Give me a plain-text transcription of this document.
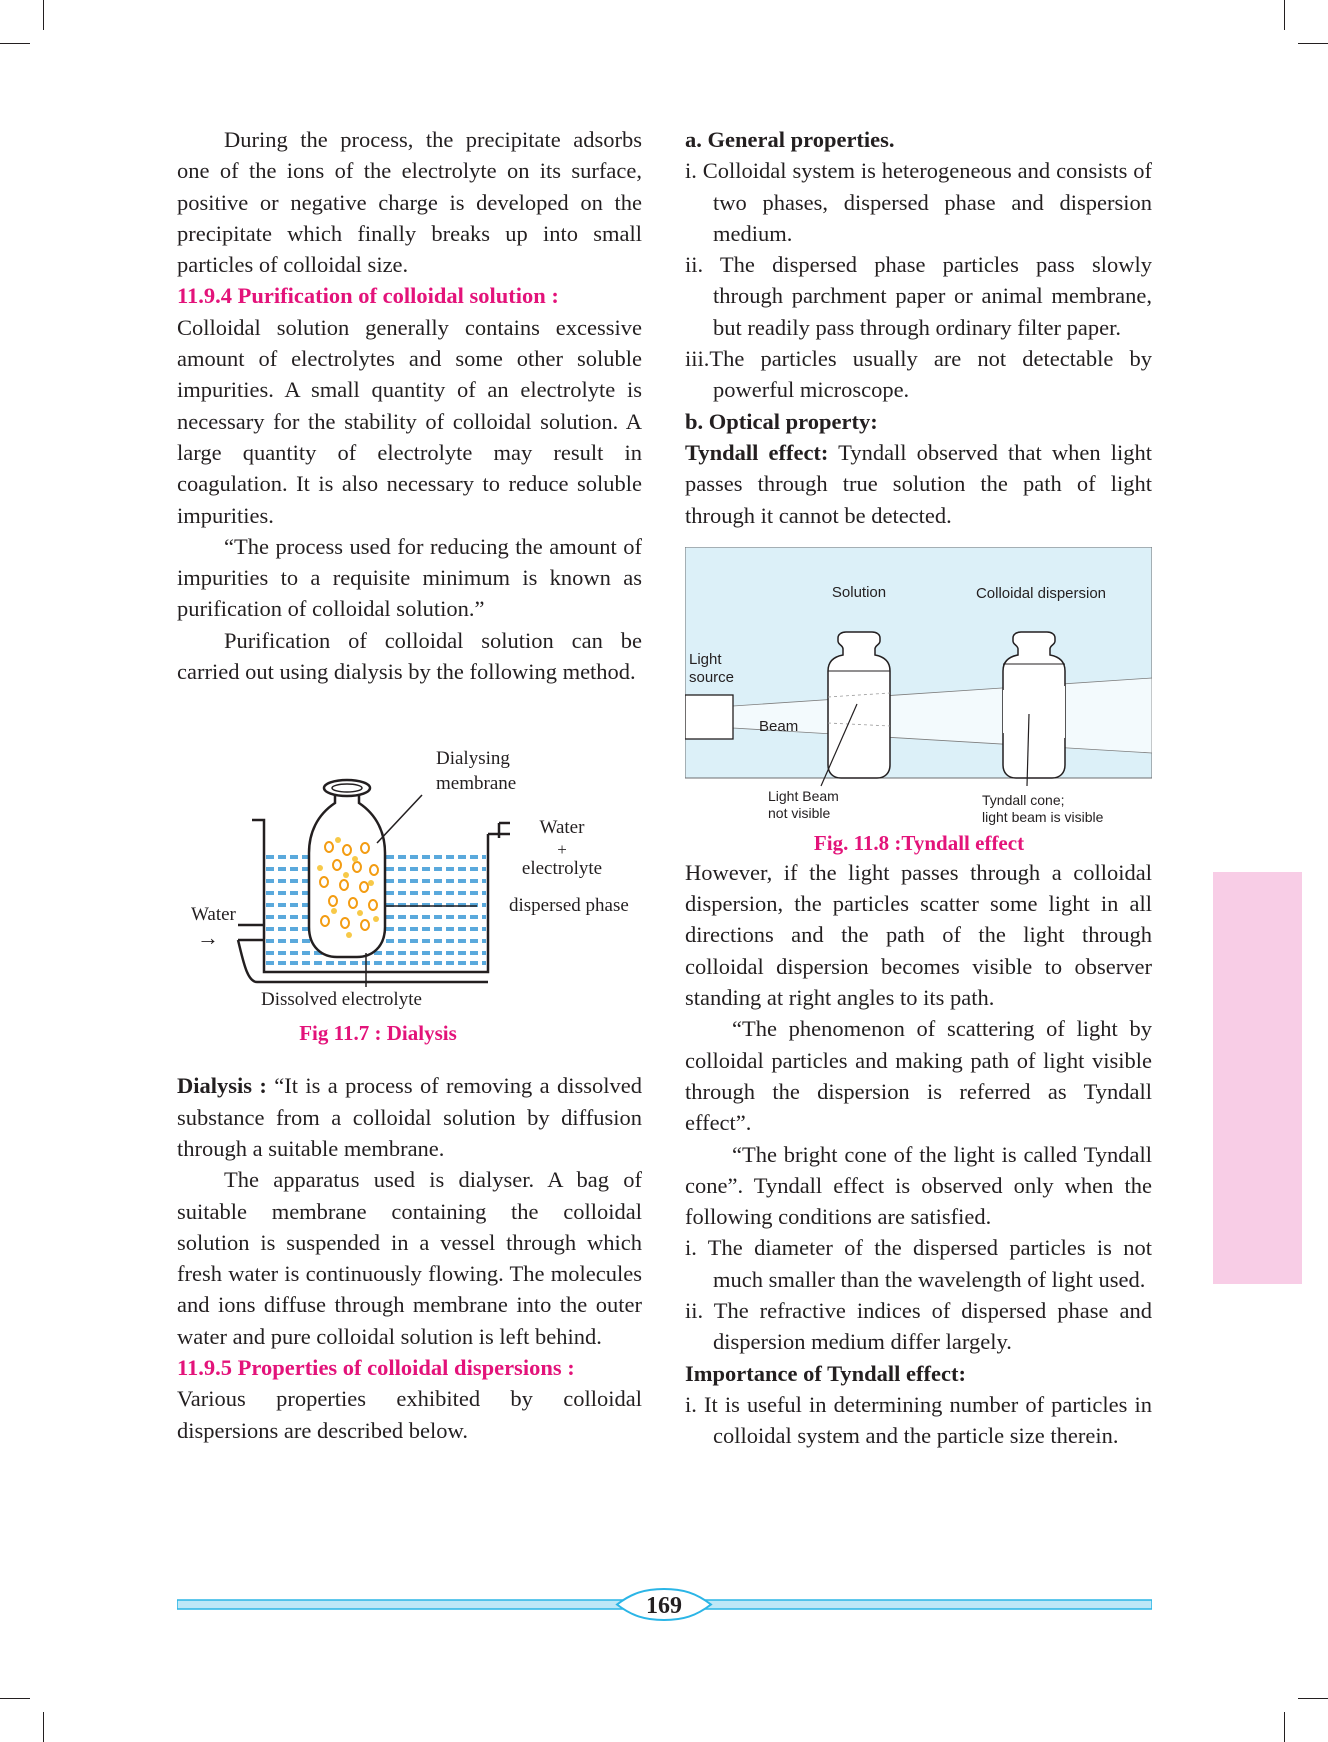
During the process, the precipitate adsorbs one of the ions of the electrolyte on its surface, positive or negative charge is developed on the precipitate which finally breaks up into small particles of colloidal size.

11.9.4 Purification of colloidal solution :

Colloidal solution generally contains excessive amount of electrolytes and some other soluble impurities. A small quantity of an electrolyte is necessary for the stability of colloidal solution. A large quantity of electrolyte may result in coagulation. It is also necessary to reduce soluble impurities.

“The process used for reducing the amount of impurities to a requisite minimum is known as purification of colloidal solution.”

Purification of colloidal solution can be carried out using dialysis by the following method.

Dialysing
membrane
Water
+
electrolyte
dispersed phase
Water
→
Dissolved electrolyte
Fig 11.7 : Dialysis

Dialysis : “It is a process of removing a dissolved substance from a colloidal solution by diffusion through a suitable membrane.

The apparatus used is dialyser. A bag of suitable membrane containing the colloidal solution is suspended in a vessel through which fresh water is continuously flowing. The molecules and ions diffuse through membrane into the outer water and pure colloidal solution is left behind.

11.9.5 Properties of colloidal dispersions :

Various properties exhibited by colloidal dispersions are described below.

a. General properties.

i. Colloidal system is heterogeneous and consists of two phases, dispersed phase and dispersion medium.

ii. The dispersed phase particles pass slowly through parchment paper or animal membrane, but readily pass through ordinary filter paper.

iii.The particles usually are not detectable by powerful microscope.

b. Optical property:

Tyndall effect: Tyndall observed that when light passes through true solution the path of light through it cannot be detected.

Solution	Colloidal dispersion
Light
source
Beam
Light Beam
not visible
Tyndall cone;
light beam is visible
Fig. 11.8 :Tyndall effect

However, if the light passes through a colloidal dispersion, the particles scatter some light in all directions and the path of the light through colloidal dispersion becomes visible to observer standing at right angles to its path.

“The phenomenon of scattering of light by colloidal particles and making path of light visible through the dispersion is referred as Tyndall effect”.

“The bright cone of the light is called Tyndall cone”. Tyndall effect is observed only when the following conditions are satisfied.

i. The diameter of the dispersed particles is not much smaller than the wavelength of light used.

ii. The refractive indices of dispersed phase and dispersion medium differ largely.

Importance of Tyndall effect:

i. It is useful in determining number of particles in colloidal system and the particle size therein.

169
